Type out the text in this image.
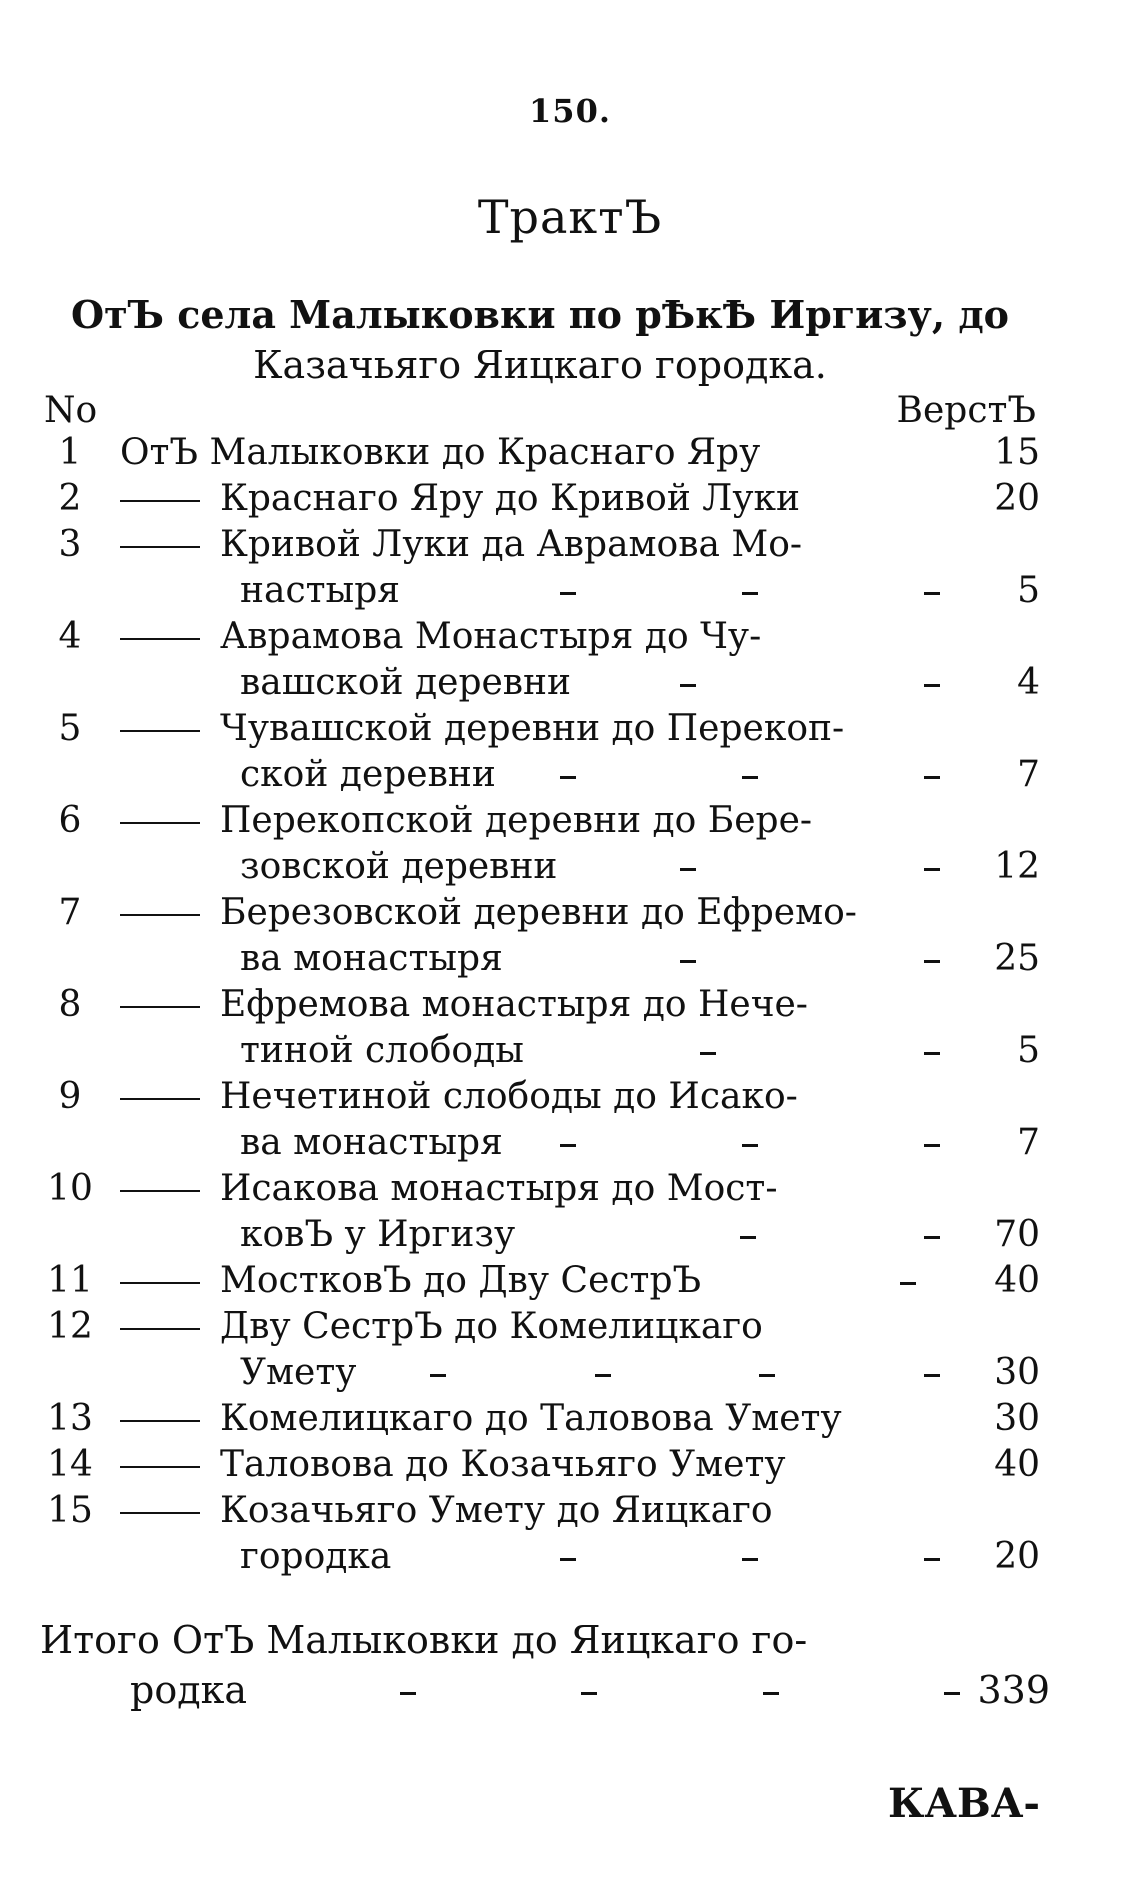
150.
ТрактЪ
ОтЪ села Малыковки по рѢкѢ Иргизу, до
Казачьяго Яицкаго городка.
No	ВерстЪ
1	ОтЪ Малыковки до Краснаго Яру	15
2	Краснаго Яру до Кривой Луки	20
3	Кривой Луки да Аврамова Мо-
настыря	5
4	Аврамова Монастыря до Чу-
вашской деревни	4
5	Чувашской деревни до Перекоп-
ской деревни	7
6	Перекопской деревни до Бере-
зовской деревни	12
7	Березовской деревни до Ефремо-
ва монастыря	25
8	Ефремова монастыря до Нече-
тиной слободы	5
9	Нечетиной слободы до Исако-
ва монастыря	7
10	Исакова монастыря до Мост-
ковЪ у Иргизу	70
11	МостковЪ до Дву СестрЪ	40
12	Дву СестрЪ до Комелицкаго
Умету	30
13	Комелицкаго до Таловова Умету	30
14	Таловова до Козачьяго Умету	40
15	Козачьяго Умету до Яицкаго
городка	20
Итого ОтЪ Малыковки до Яицкаго го-
родка	339
КАВА-
